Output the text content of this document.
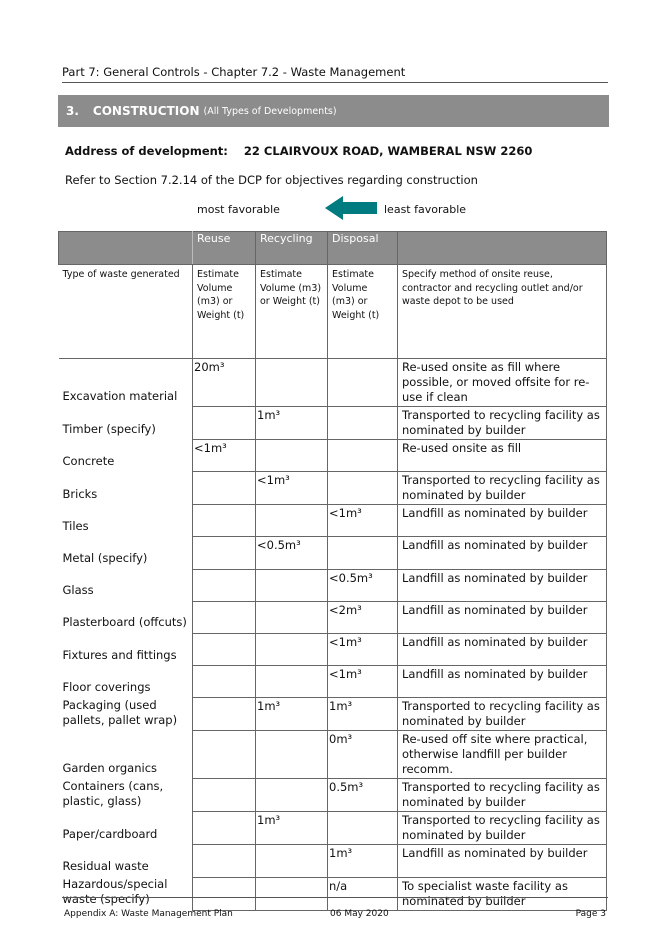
Part 7: General Controls - Chapter 7.2 - Waste Management
3. CONSTRUCTION (All Types of Developments)
Address of development: 22 CLAIRVOUX ROAD, WAMBERAL NSW 2260
Refer to Section 7.2.14 of the DCP for objectives regarding construction
most favorable	least favorable
	Reuse	Recycling	Disposal	
Type of waste generated	Estimate Volume (m3) or Weight (t)	Estimate Volume (m3) or Weight (t)	Estimate Volume (m3) or Weight (t)	Specify method of onsite reuse, contractor and recycling outlet and/or waste depot to be used
Excavation material	20m³			Re-used onsite as fill where possible, or moved offsite for re-use if clean
Timber (specify)		1m³		Transported to recycling facility as nominated by builder
Concrete	<1m³			Re-used onsite as fill
Bricks		<1m³		Transported to recycling facility as nominated by builder
Tiles			<1m³	Landfill as nominated by builder
Metal (specify)		<0.5m³		Landfill as nominated by builder
Glass			<0.5m³	Landfill as nominated by builder
Plasterboard (offcuts)			<2m³	Landfill as nominated by builder
Fixtures and fittings			<1m³	Landfill as nominated by builder
Floor coverings			<1m³	Landfill as nominated by builder
Packaging (used pallets, pallet wrap)		1m³	1m³	Transported to recycling facility as nominated by builder
Garden organics			0m³	Re-used off site where practical, otherwise landfill per builder recomm.
Containers (cans, plastic, glass)			0.5m³	Transported to recycling facility as nominated by builder
Paper/cardboard		1m³		Transported to recycling facility as nominated by builder
Residual waste			1m³	Landfill as nominated by builder
Hazardous/special waste (specify)			n/a	To specialist waste facility as nominated by builder
Appendix A: Waste Management Plan	06 May 2020	Page 3
